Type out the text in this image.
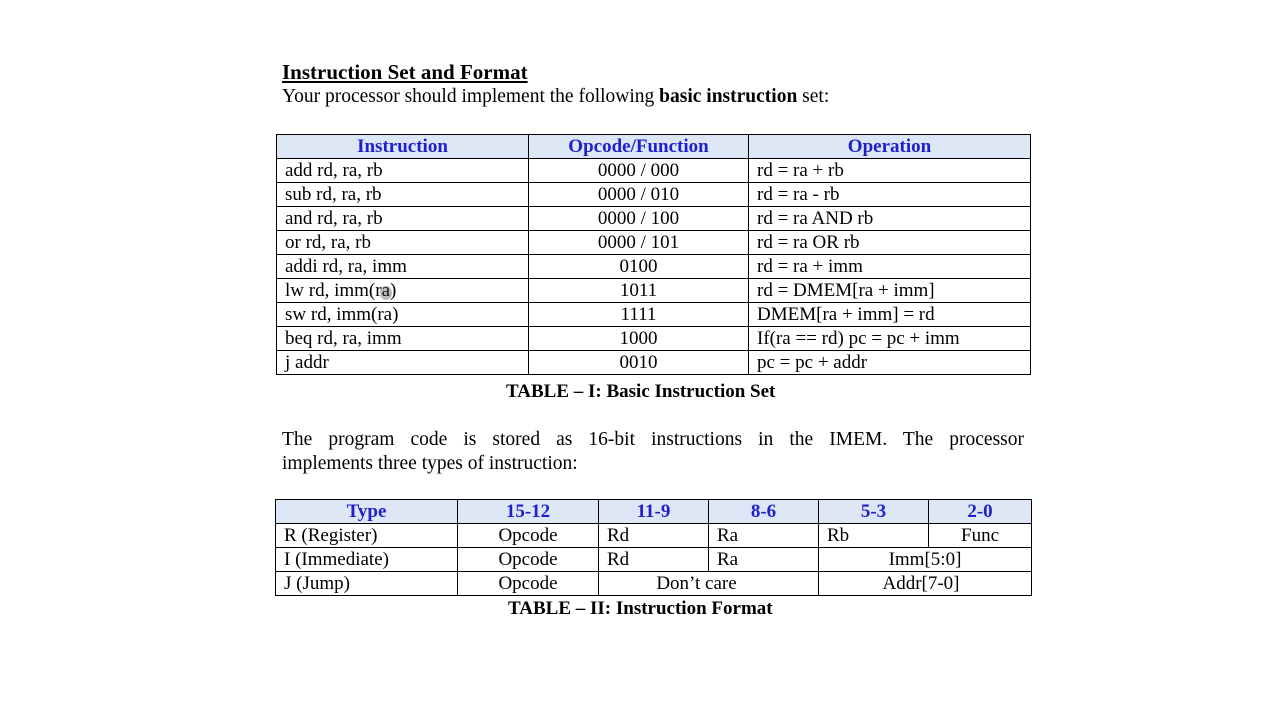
Instruction Set and Format
Your processor should implement the following basic instruction set:
Instruction	Opcode/Function	Operation
add rd, ra, rb	0000 / 000	rd = ra + rb
sub rd, ra, rb	0000 / 010	rd = ra - rb
and rd, ra, rb	0000 / 100	rd = ra AND rb
or rd, ra, rb	0000 / 101	rd = ra OR rb
addi rd, ra, imm	0100	rd = ra + imm
lw rd, imm(ra)	1011	rd = DMEM[ra + imm]
sw rd, imm(ra)	1111	DMEM[ra + imm] = rd
beq rd, ra, imm	1000	If(ra == rd) pc = pc + imm
j addr	0010	pc = pc + addr
TABLE – I: Basic Instruction Set
The program code is stored as 16-bit instructions in the IMEM. The processor
implements three types of instruction:
Type	15-12	11-9	8-6	5-3	2-0
R (Register)	Opcode	Rd	Ra	Rb	Func
I (Immediate)	Opcode	Rd	Ra	Imm[5:0]	
J (Jump)	Opcode	Don’t care		Addr[7-0]	
TABLE – II: Instruction Format
